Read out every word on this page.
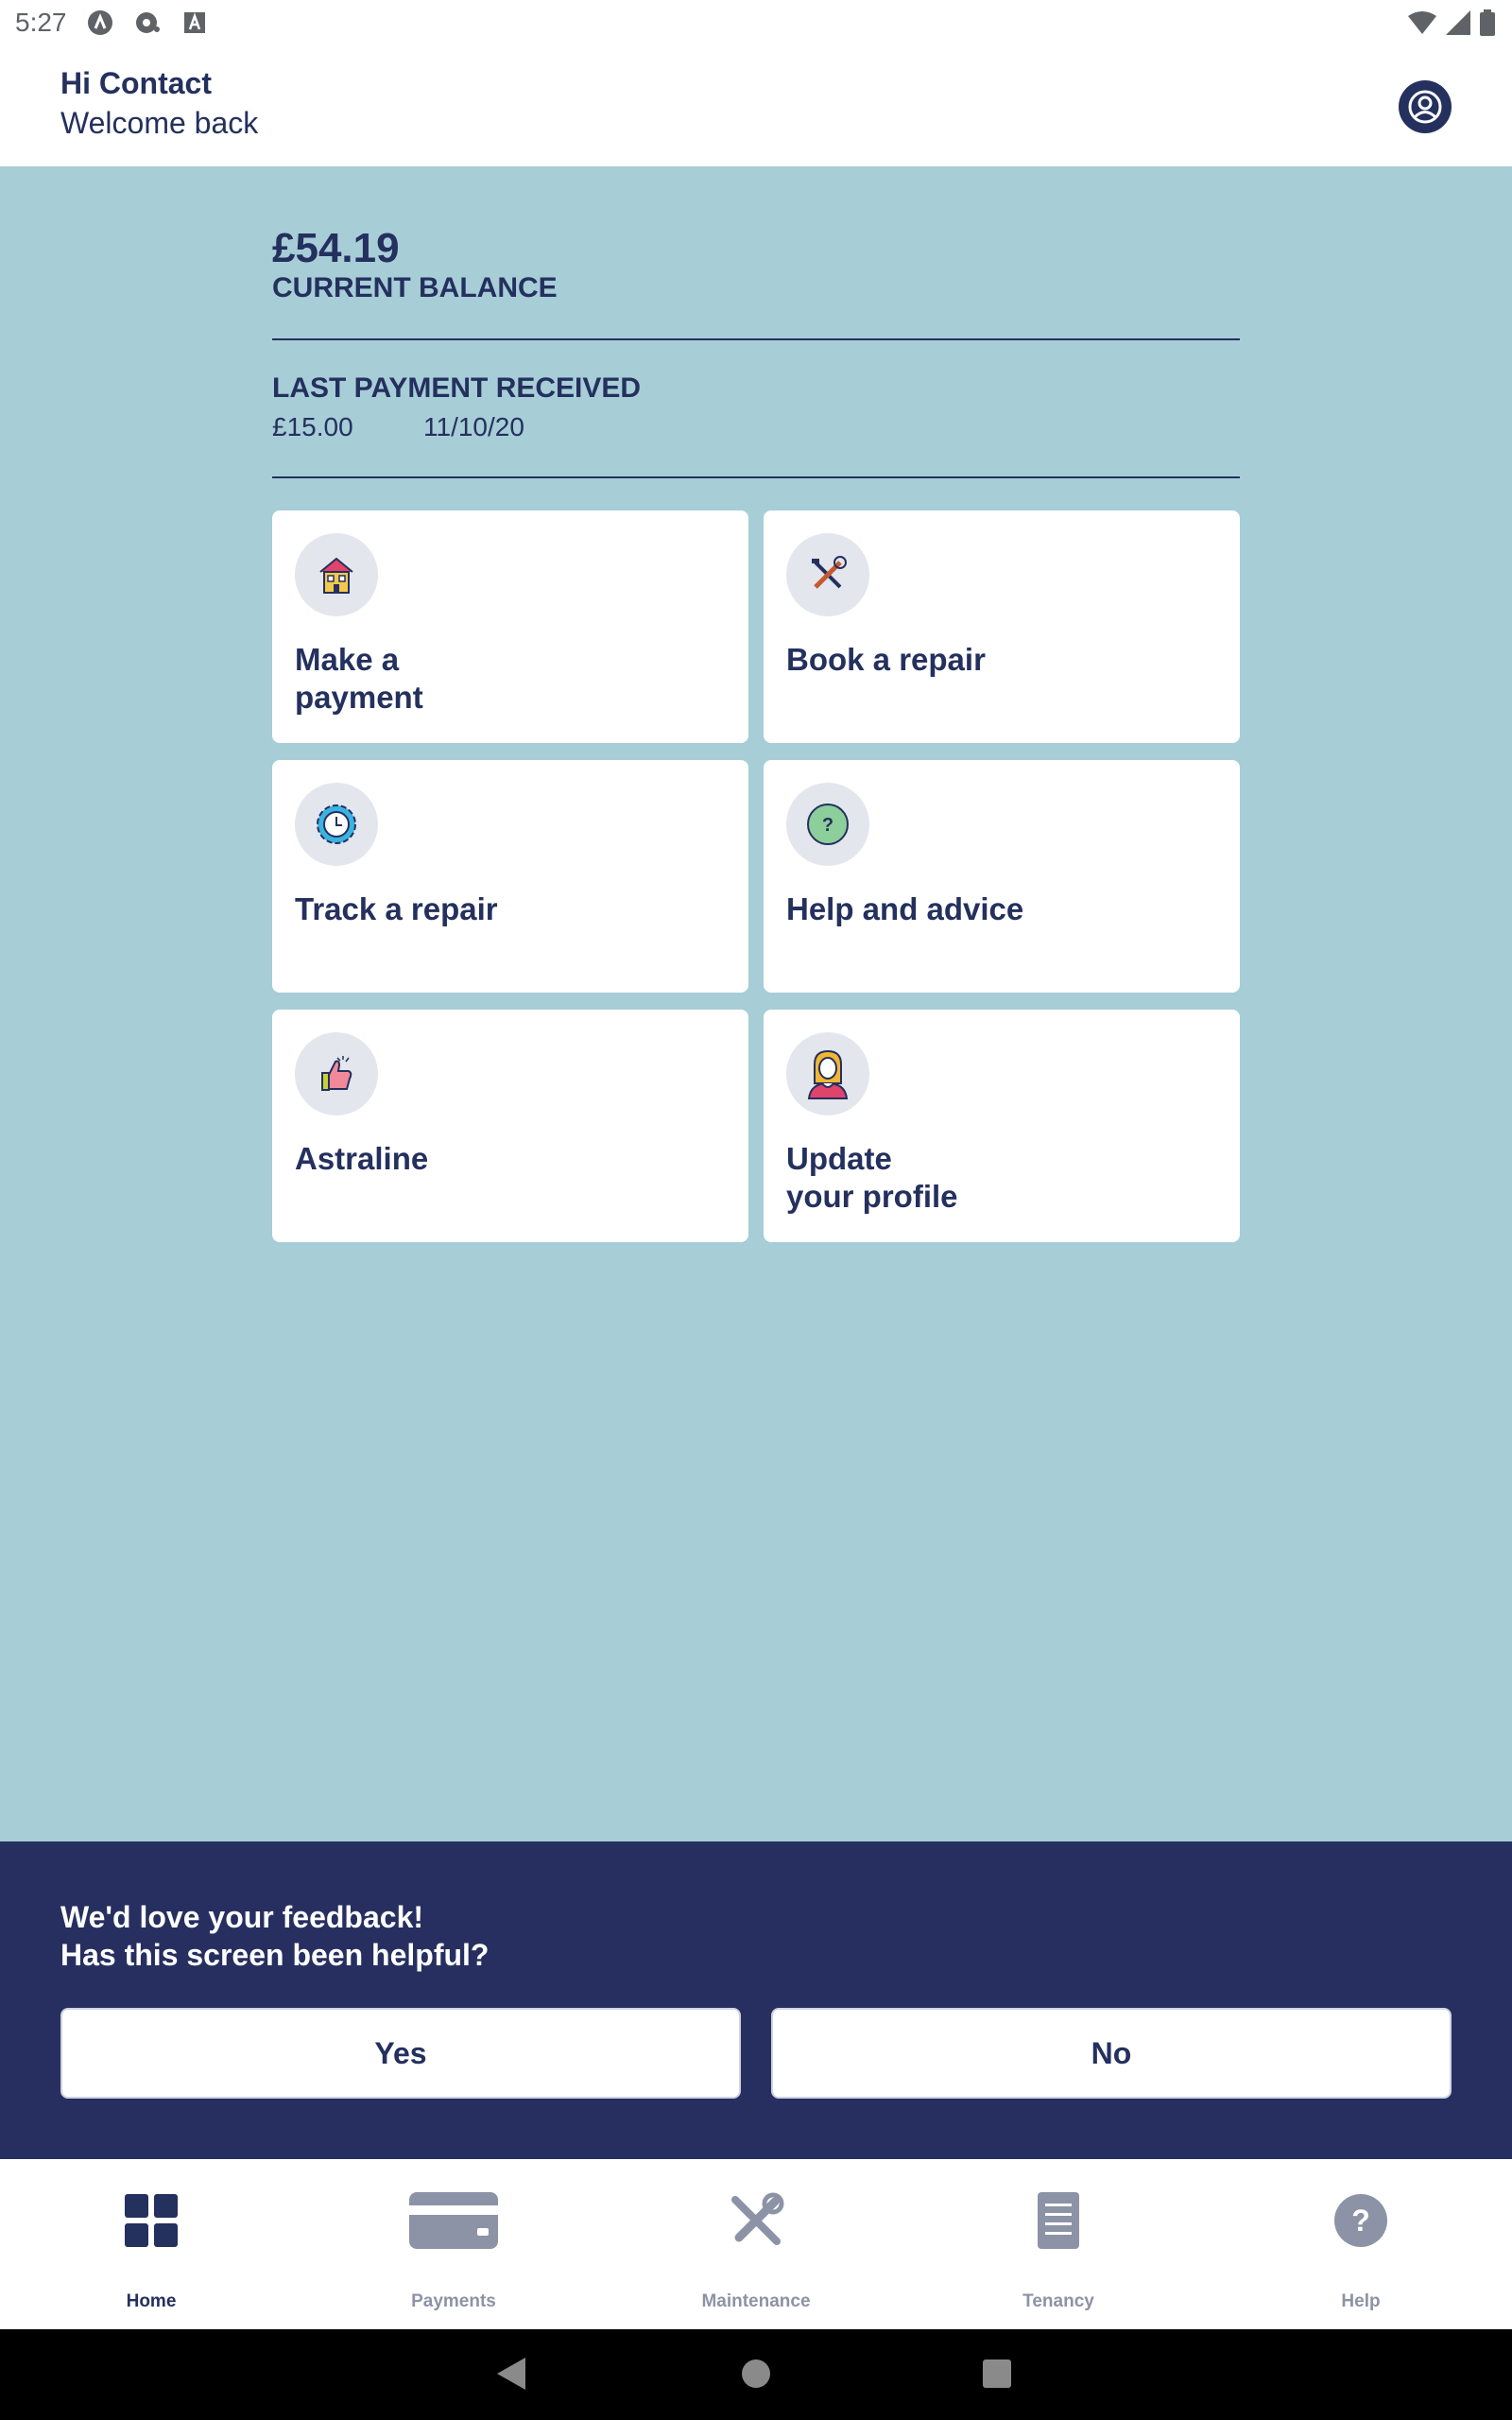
5:27
Hi Contact
Welcome back
£54.19
CURRENT BALANCE
LAST PAYMENT RECEIVED
£15.00	11/10/20
Make a
payment
Book a repair
Track a repair
?
Help and advice
Astraline	Update
your profile
We'd love your feedback!
Has this screen been helpful?
Yes	No
Home	Payments	Maintenance	Tenancy
?
Help
